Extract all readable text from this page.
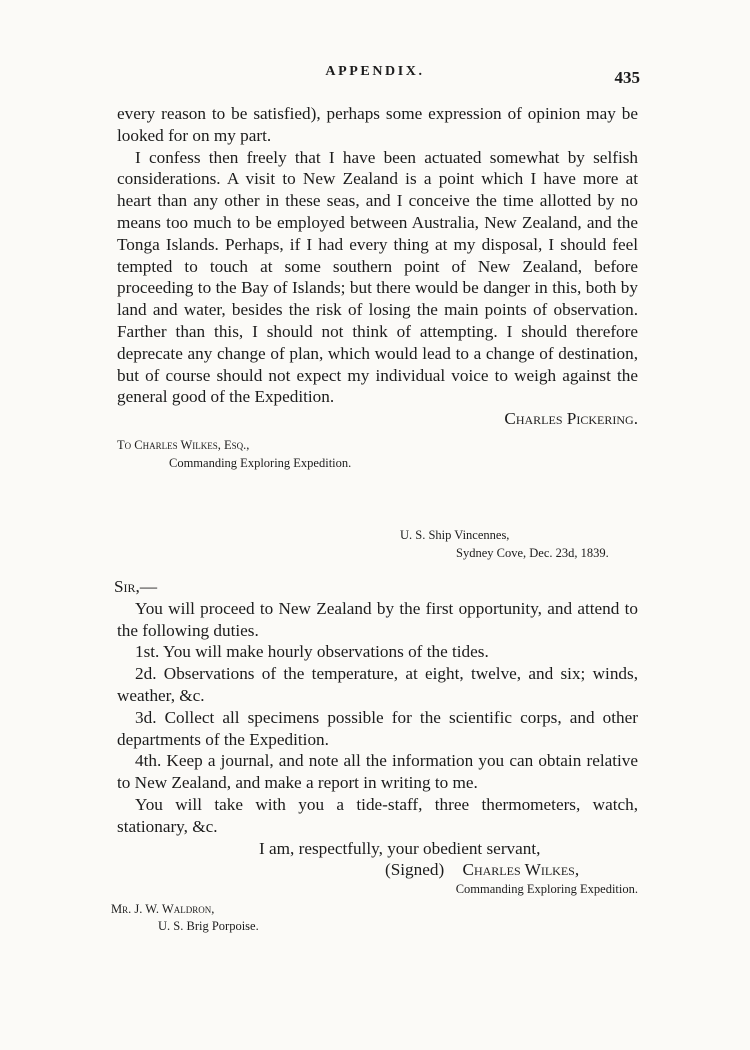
APPENDIX.	435

every reason to be satisfied), perhaps some expression of opinion may be looked for on my part.

I confess then freely that I have been actuated somewhat by selfish considerations. A visit to New Zealand is a point which I have more at heart than any other in these seas, and I conceive the time allotted by no means too much to be employed between Australia, New Zealand, and the Tonga Islands. Perhaps, if I had every thing at my disposal, I should feel tempted to touch at some southern point of New Zealand, before proceeding to the Bay of Islands; but there would be danger in this, both by land and water, besides the risk of losing the main points of observation. Farther than this, I should not think of attempting. I should therefore deprecate any change of plan, which would lead to a change of destination, but of course should not expect my individual voice to weigh against the general good of the Expedition.

Charles Pickering.

To Charles Wilkes, Esq.,
Commanding Exploring Expedition.
U. S. Ship Vincennes,
Sydney Cove, Dec. 23d, 1839.

Sir,—

You will proceed to New Zealand by the first opportunity, and attend to the following duties.

1st. You will make hourly observations of the tides.

2d. Observations of the temperature, at eight, twelve, and six; winds, weather, &c.

3d. Collect all specimens possible for the scientific corps, and other departments of the Expedition.

4th. Keep a journal, and note all the information you can obtain relative to New Zealand, and make a report in writing to me.

You will take with you a tide-staff, three thermometers, watch, stationary, &c.

I am, respectfully, your obedient servant,

(Signed) Charles Wilkes,

Commanding Exploring Expedition.

Mr. J. W. Waldron,
U. S. Brig Porpoise.
